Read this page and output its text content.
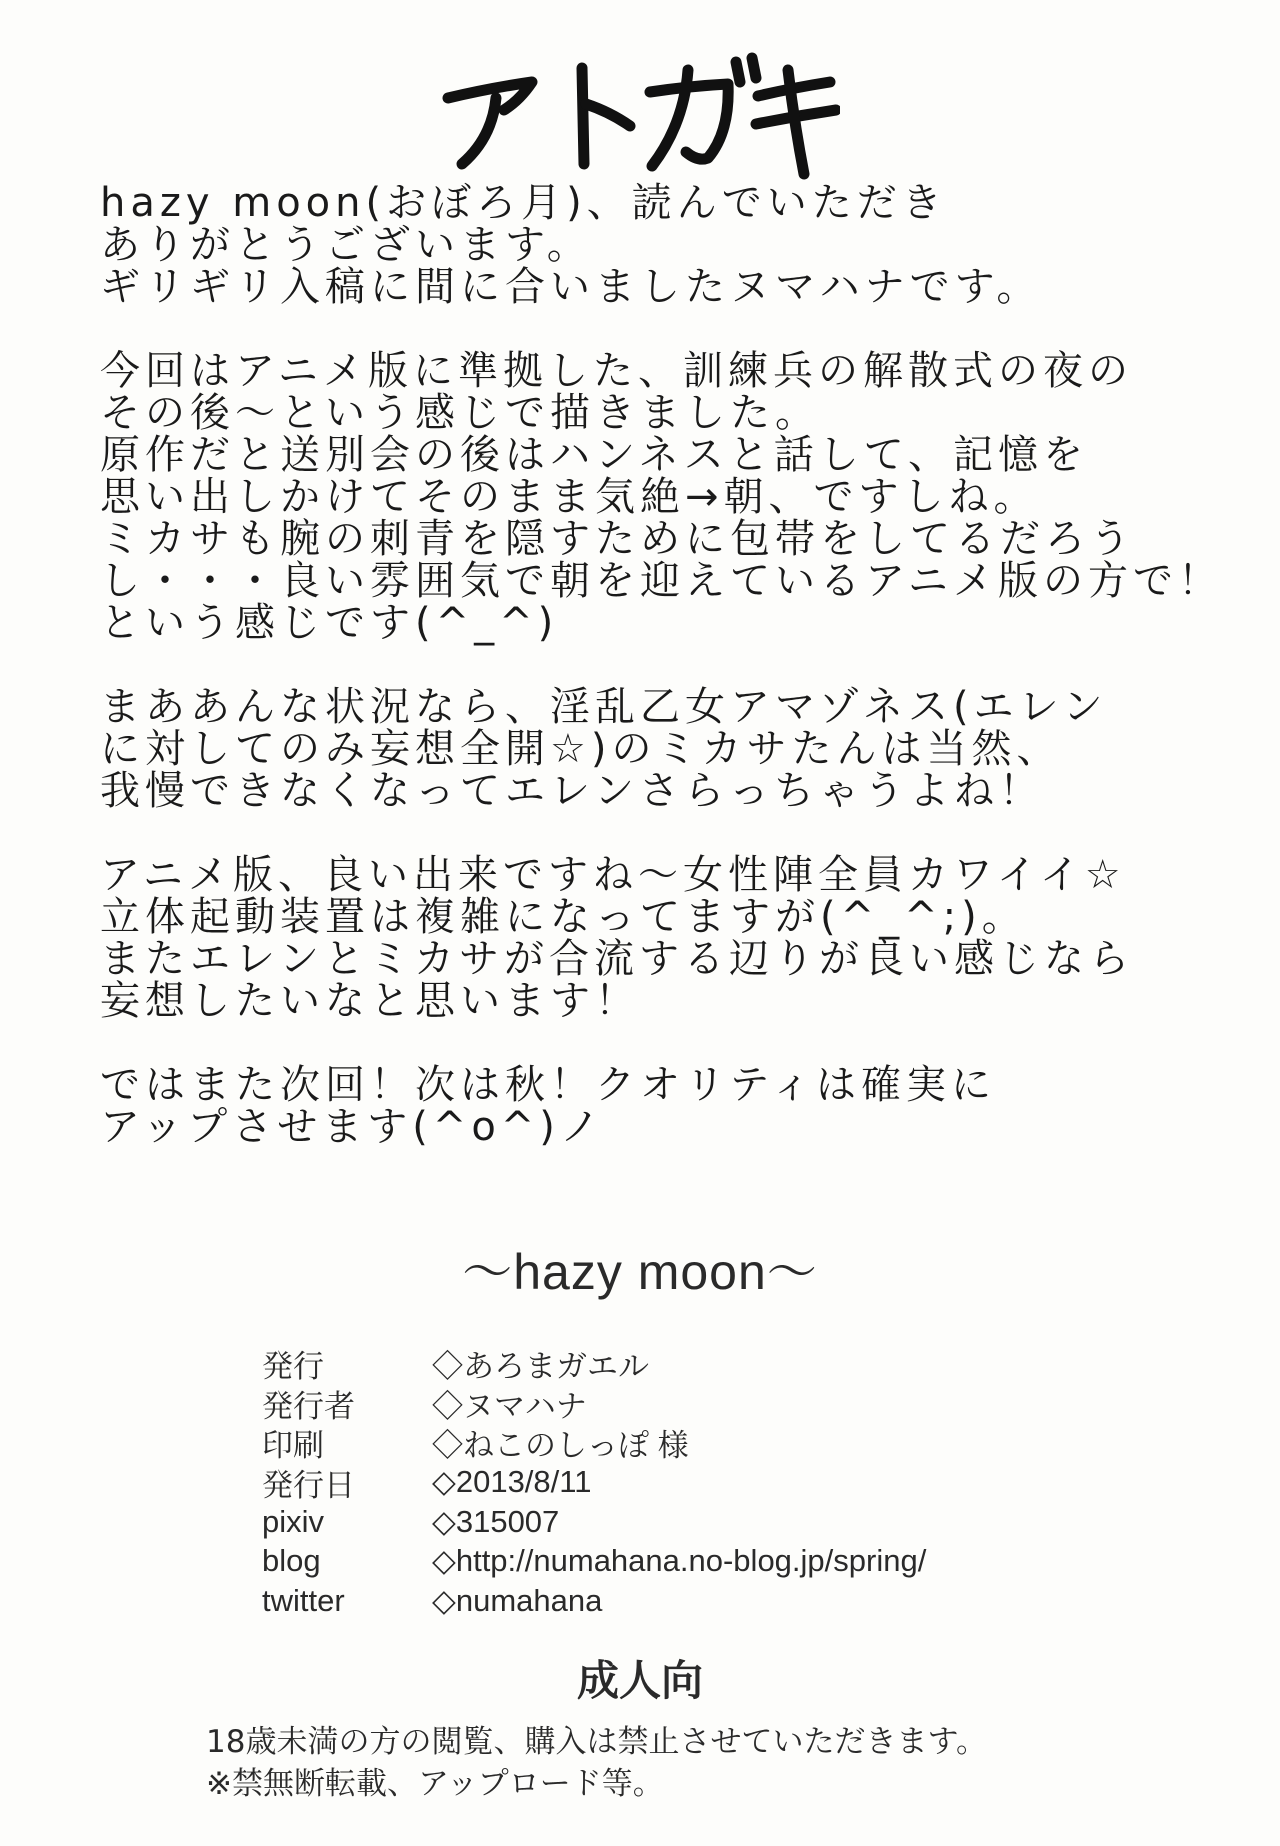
hazy moon(おぼろ月)、読んでいただき
ありがとうございます。
ギリギリ入稿に間に合いましたヌマハナです。

今回はアニメ版に準拠した、訓練兵の解散式の夜の
その後〜という感じで描きました。
原作だと送別会の後はハンネスと話して、記憶を
思い出しかけてそのまま気絶→朝、ですしね。
ミカサも腕の刺青を隠すために包帯をしてるだろう
し・・・良い雰囲気で朝を迎えているアニメ版の方で！
という感じです(^_^)

まああんな状況なら、淫乱乙女アマゾネス(エレン
に対してのみ妄想全開☆)のミカサたんは当然、
我慢できなくなってエレンさらっちゃうよね！

アニメ版、良い出来ですね〜女性陣全員カワイイ☆
立体起動装置は複雑になってますが(^_^;)。
またエレンとミカサが合流する辺りが良い感じなら
妄想したいなと思います！

ではまた次回！次は秋！クオリティは確実に
アップさせます(^o^)ノ

〜hazy moon〜
発行	◇あろまガエル
発行者	◇ヌマハナ
印刷	◇ねこのしっぽ 様
発行日	◇2013/8/11
pixiv	◇315007
blog	◇http://numahana.no-blog.jp/spring/
twitter	◇numahana
成人向
18歳未満の方の閲覧、購入は禁止させていただきます。
※禁無断転載、アップロード等。
